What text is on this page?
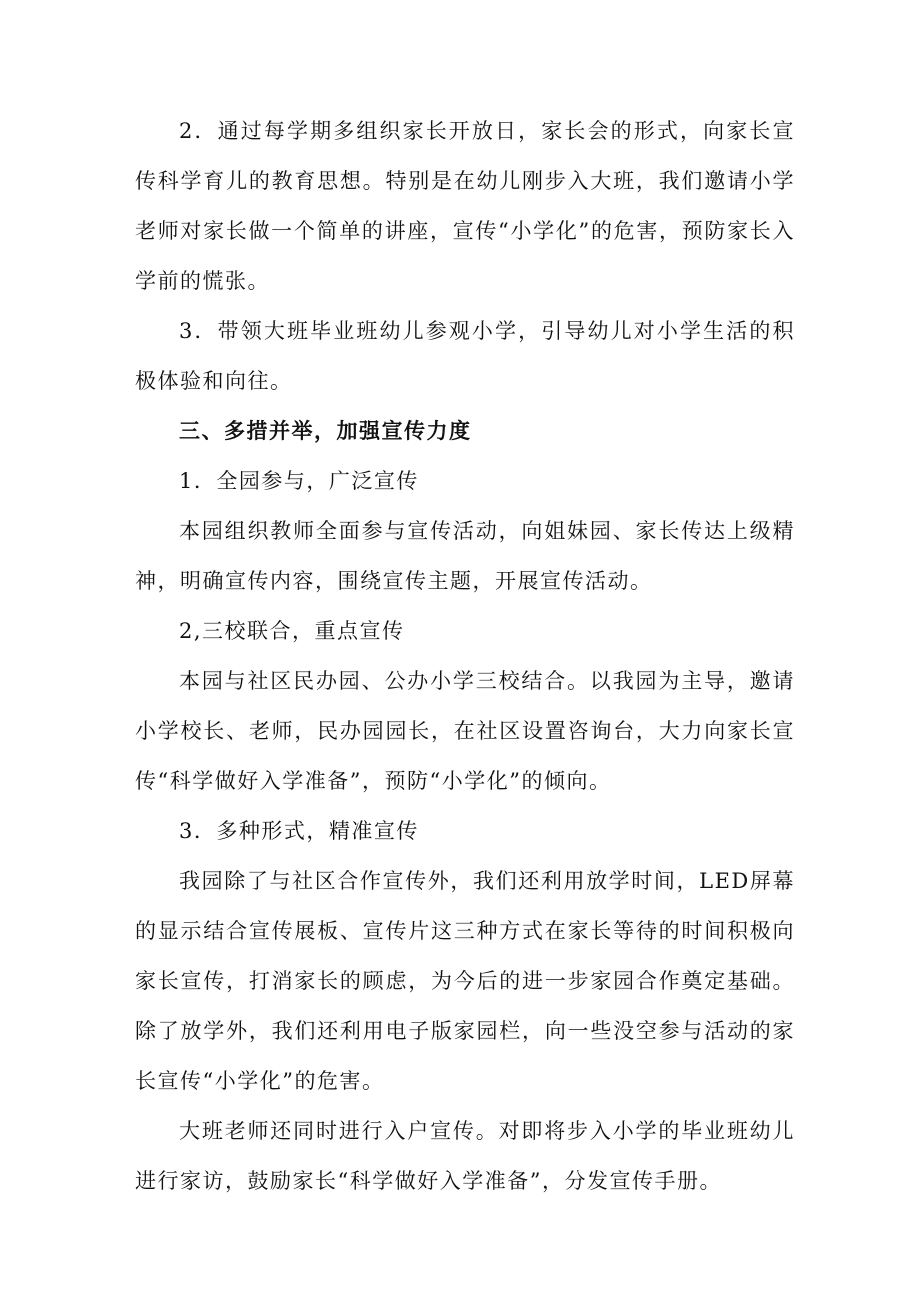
2．通过每学期多组织家长开放日，家长会的形式，向家长宣传科学育儿的教育思想。特别是在幼儿刚步入大班，我们邀请小学老师对家长做一个简单的讲座，宣传“小学化”的危害，预防家长入学前的慌张。

3．带领大班毕业班幼儿参观小学，引导幼儿对小学生活的积极体验和向往。

三、多措并举，加强宣传力度

1．全园参与，广泛宣传

本园组织教师全面参与宣传活动，向姐妹园、家长传达上级精神，明确宣传内容，围绕宣传主题，开展宣传活动。

2,三校联合，重点宣传

本园与社区民办园、公办小学三校结合。以我园为主导，邀请小学校长、老师，民办园园长，在社区设置咨询台，大力向家长宣传“科学做好入学准备”，预防“小学化”的倾向。

3．多种形式，精准宣传

我园除了与社区合作宣传外，我们还利用放学时间，LED屏幕的显示结合宣传展板、宣传片这三种方式在家长等待的时间积极向家长宣传，打消家长的顾虑，为今后的进一步家园合作奠定基础。除了放学外，我们还利用电子版家园栏，向一些没空参与活动的家长宣传“小学化”的危害。

大班老师还同时进行入户宣传。对即将步入小学的毕业班幼儿进行家访，鼓励家长“科学做好入学准备”，分发宣传手册。
